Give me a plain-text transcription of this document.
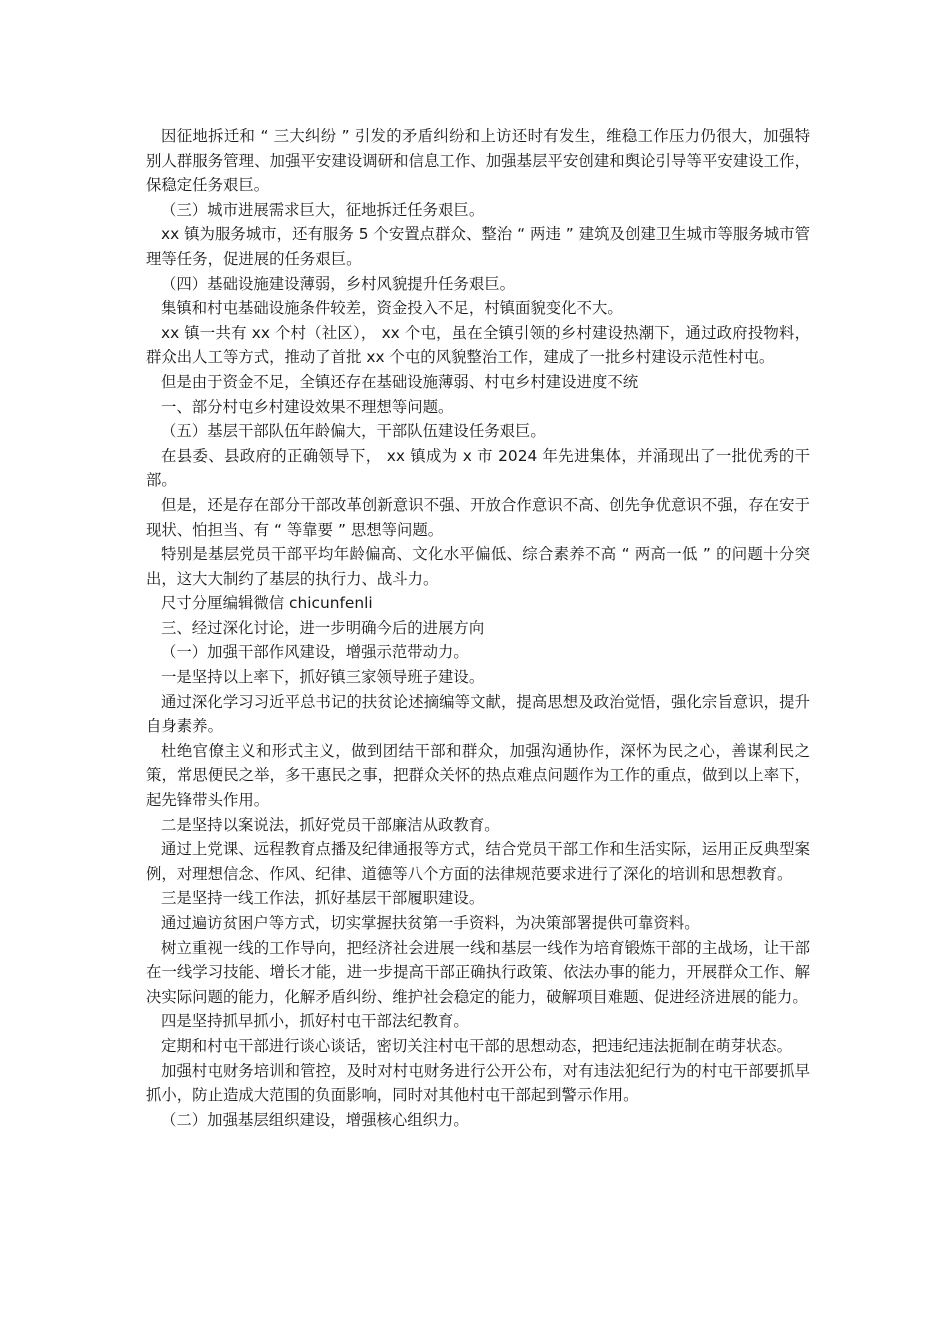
因征地拆迁和 “ 三大纠纷 ” 引发的矛盾纠纷和上访还时有发生，维稳工作压力仍很大，加强特别人群服务管理、加强平安建设调研和信息工作、加强基层平安创建和舆论引导等平安建设工作，保稳定任务艰巨。

（三）城市进展需求巨大，征地拆迁任务艰巨。

xx 镇为服务城市，还有服务 5 个安置点群众、整治 “ 两违 ” 建筑及创建卫生城市等服务城市管理等任务，促进展的任务艰巨。

（四）基础设施建设薄弱，乡村风貌提升任务艰巨。

集镇和村屯基础设施条件较差，资金投入不足，村镇面貌变化不大。

xx 镇一共有 xx 个村（社区）， xx 个屯，虽在全镇引领的乡村建设热潮下，通过政府投物料，群众出人工等方式，推动了首批 xx 个屯的风貌整治工作，建成了一批乡村建设示范性村屯。

但是由于资金不足，全镇还存在基础设施薄弱、村屯乡村建设进度不统

一、部分村屯乡村建设效果不理想等问题。

（五）基层干部队伍年龄偏大，干部队伍建设任务艰巨。

在县委、县政府的正确领导下， xx 镇成为 x 市 2024 年先进集体，并涌现出了一批优秀的干部。

但是，还是存在部分干部改革创新意识不强、开放合作意识不高、创先争优意识不强，存在安于现状、怕担当、有 “ 等靠要 ” 思想等问题。

特别是基层党员干部平均年龄偏高、文化水平偏低、综合素养不高 “ 两高一低 ” 的问题十分突出，这大大制约了基层的执行力、战斗力。

尺寸分厘编辑微信 chicunfenli

三、经过深化讨论，进一步明确今后的进展方向

（一）加强干部作风建设，增强示范带动力。

一是坚持以上率下，抓好镇三家领导班子建设。

通过深化学习习近平总书记的扶贫论述摘编等文献，提高思想及政治觉悟，强化宗旨意识，提升自身素养。

杜绝官僚主义和形式主义，做到团结干部和群众，加强沟通协作，深怀为民之心，善谋利民之策，常思便民之举，多干惠民之事，把群众关怀的热点难点问题作为工作的重点，做到以上率下，起先锋带头作用。

二是坚持以案说法，抓好党员干部廉洁从政教育。

通过上党课、远程教育点播及纪律通报等方式，结合党员干部工作和生活实际，运用正反典型案例，对理想信念、作风、纪律、道德等八个方面的法律规范要求进行了深化的培训和思想教育。

三是坚持一线工作法，抓好基层干部履职建设。

通过遍访贫困户等方式，切实掌握扶贫第一手资料，为决策部署提供可靠资料。

树立重视一线的工作导向，把经济社会进展一线和基层一线作为培育锻炼干部的主战场，让干部在一线学习技能、增长才能，进一步提高干部正确执行政策、依法办事的能力，开展群众工作、解决实际问题的能力，化解矛盾纠纷、维护社会稳定的能力，破解项目难题、促进经济进展的能力。

四是坚持抓早抓小，抓好村屯干部法纪教育。

定期和村屯干部进行谈心谈话，密切关注村屯干部的思想动态，把违纪违法扼制在萌芽状态。

加强村屯财务培训和管控，及时对村屯财务进行公开公布，对有违法犯纪行为的村屯干部要抓早抓小，防止造成大范围的负面影响，同时对其他村屯干部起到警示作用。

（二）加强基层组织建设，增强核心组织力。
